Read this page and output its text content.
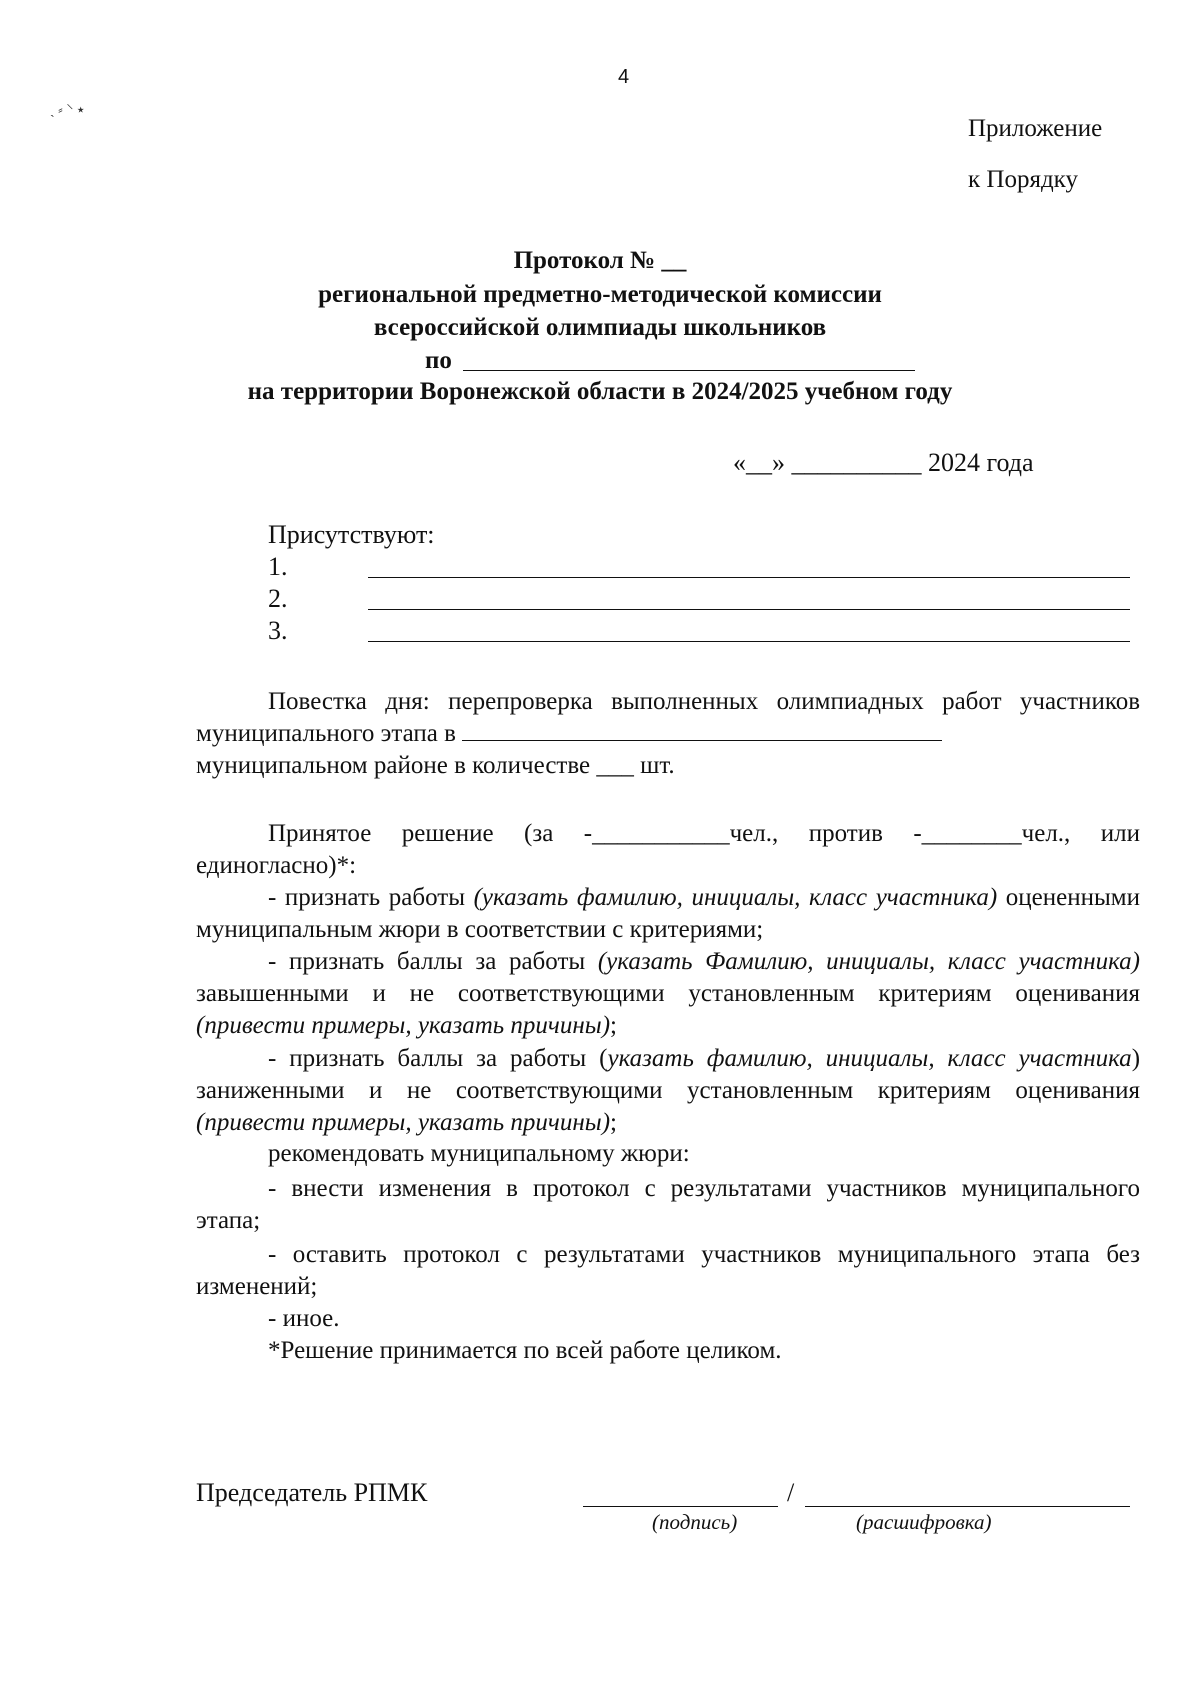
ˎ ⸗ ⸌ ٭
4
Приложение
к Порядку
Протокол № __
региональной предметно-методической комиссии
всероссийской олимпиады школьников
по
на территории Воронежской области в 2024/2025 учебном году
«__» __________ 2024 года
Присутствуют:
1.
2.
3.
Повестка дня: перепроверка выполненных олимпиадных работ участников муниципального этапа в
муниципальном районе в количестве ___ шт.
Принятое решение (за -___________чел., против -________чел., или единогласно)*:
- признать работы (указать фамилию, инициалы, класс участника) оцененными муниципальным жюри в соответствии с критериями;
- признать баллы за работы (указать Фамилию, инициалы, класс участника) завышенными и не соответствующими установленным критериям оценивания (привести примеры, указать причины);
- признать баллы за работы (указать фамилию, инициалы, класс участника) заниженными и не соответствующими установленным критериям оценивания (привести примеры, указать причины);
рекомендовать муниципальному жюри:
- внести изменения в протокол с результатами участников муниципального этапа;
- оставить протокол с результатами участников муниципального этапа без изменений;
- иное.
*Решение принимается по всей работе целиком.
Председатель РПМК	/
(подпись)	(расшифровка)
